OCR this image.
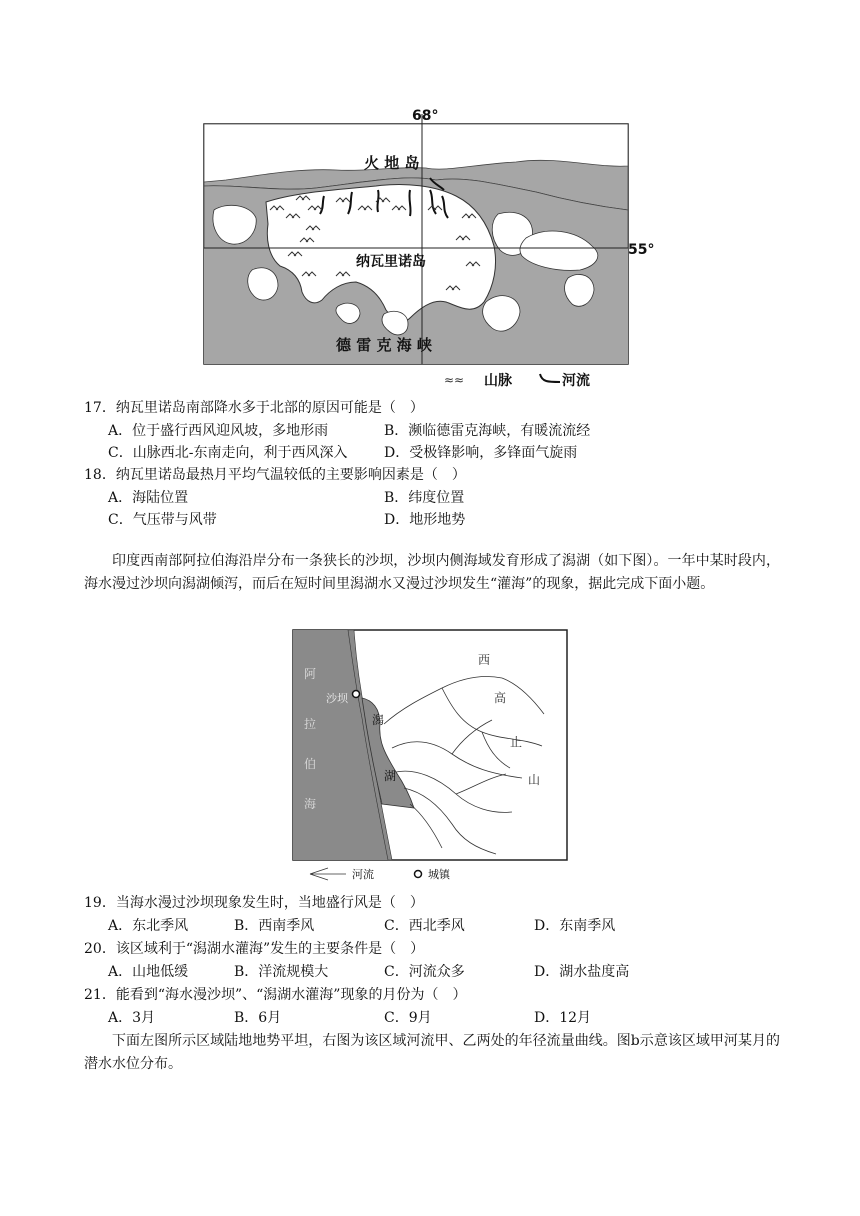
68°
55°
火 地 岛
纳瓦里诺岛
德 雷 克 海 峡
≈≈ 山脉	河流
17．纳瓦里诺岛南部降水多于北部的原因可能是（　）
A．位于盛行西风迎风坡，多地形雨	B．濒临德雷克海峡，有暖流流经
C．山脉西北-东南走向，利于西风深入	D．受极锋影响，多锋面气旋雨
18．纳瓦里诺岛最热月平均气温较低的主要影响因素是（　）
A．海陆位置	B．纬度位置
C．气压带与风带	D．地形地势
印度西南部阿拉伯海沿岸分布一条狭长的沙坝，沙坝内侧海域发育形成了潟湖（如下图）。一年中某时段内，海水漫过沙坝向潟湖倾泻，而后在短时间里潟湖水又漫过沙坝发生“灌海”的现象，据此完成下面小题。
阿
拉
伯
海
沙坝
潟
湖
西
高
止
山
河流	城镇
19．当海水漫过沙坝现象发生时，当地盛行风是（　）
A．东北季风	B．西南季风	C．西北季风	D．东南季风
20．该区域利于“潟湖水灌海”发生的主要条件是（　）
A．山地低缓	B．洋流规模大	C．河流众多	D．湖水盐度高
21．能看到“海水漫沙坝”、“潟湖水灌海”现象的月份为（　）
A．3月	B．6月	C．9月	D．12月
下面左图所示区域陆地地势平坦，右图为该区域河流甲、乙两处的年径流量曲线。图b示意该区域甲河某月的潜水水位分布。
